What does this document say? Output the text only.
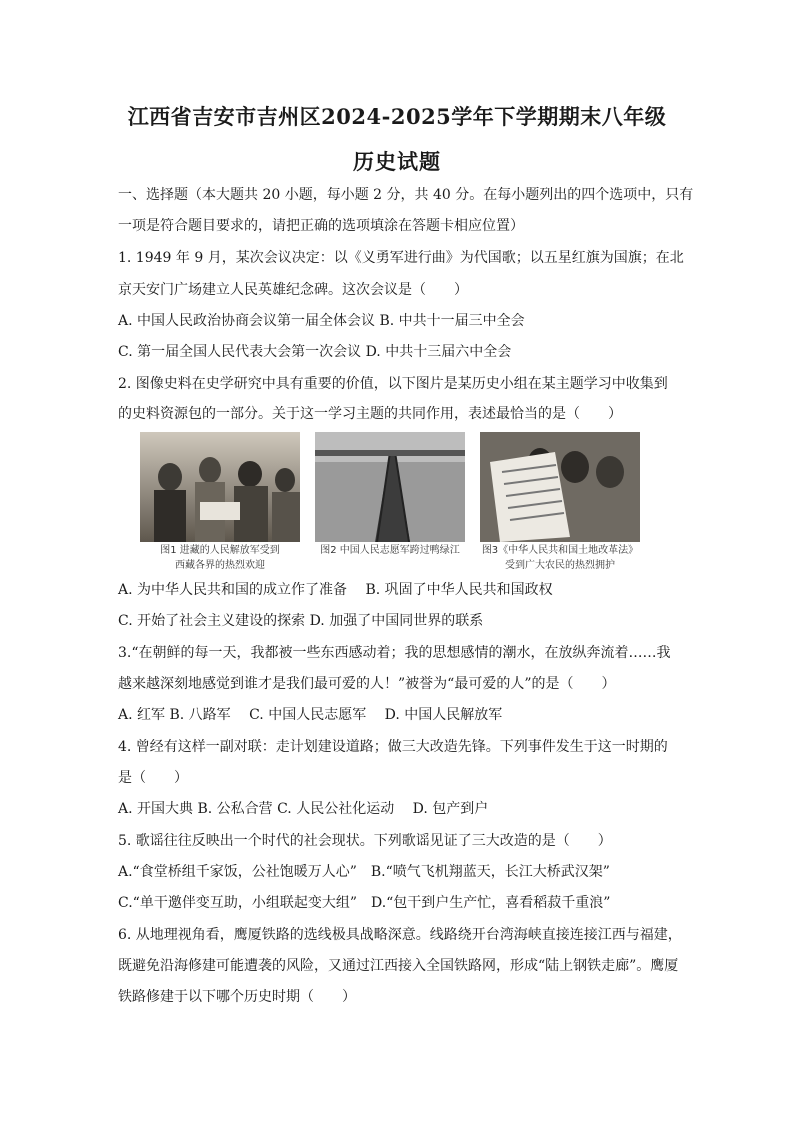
江西省吉安市吉州区2024-2025学年下学期期末八年级
历史试题
一、选择题（本大题共 20 小题，每小题 2 分，共 40 分。在每小题列出的四个选项中，只有
一项是符合题目要求的，请把正确的选项填涂在答题卡相应位置）
1. 1949 年 9 月，某次会议决定：以《义勇军进行曲》为代国歌；以五星红旗为国旗；在北
京天安门广场建立人民英雄纪念碑。这次会议是（　　）
A. 中国人民政治协商会议第一届全体会议 B. 中共十一届三中全会
C. 第一届全国人民代表大会第一次会议 D. 中共十三届六中全会
2. 图像史料在史学研究中具有重要的价值，以下图片是某历史小组在某主题学习中收集到
的史料资源包的一部分。关于这一学习主题的共同作用，表述最恰当的是（　　）
图1 进藏的人民解放军受到
西藏各界的热烈欢迎
图2 中国人民志愿军跨过鸭绿江	图3《中华人民共和国土地改革法》
受到广大农民的热烈拥护
A. 为中华人民共和国的成立作了准备　 B. 巩固了中华人民共和国政权
C. 开始了社会主义建设的探索 D. 加强了中国同世界的联系
3.“在朝鲜的每一天，我都被一些东西感动着；我的思想感情的潮水，在放纵奔流着……我
越来越深刻地感觉到谁才是我们最可爱的人！”被誉为“最可爱的人”的是（　　）
A. 红军 B. 八路军　 C. 中国人民志愿军　 D. 中国人民解放军
4. 曾经有这样一副对联：走计划建设道路；做三大改造先锋。下列事件发生于这一时期的
是（　　）
A. 开国大典 B. 公私合营 C. 人民公社化运动　 D. 包产到户
5. 歌谣往往反映出一个时代的社会现状。下列歌谣见证了三大改造的是（　　）
A.“食堂桥组千家饭，公社饱暖万人心”　B.“喷气飞机翔蓝天，长江大桥武汉架”
C.“单干邀伴变互助，小组联起变大组”　D.“包干到户生产忙，喜看稻菽千重浪”
6. 从地理视角看，鹰厦铁路的选线极具战略深意。线路绕开台湾海峡直接连接江西与福建，
既避免沿海修建可能遭袭的风险，又通过江西接入全国铁路网，形成“陆上钢铁走廊”。鹰厦
铁路修建于以下哪个历史时期（　　）
